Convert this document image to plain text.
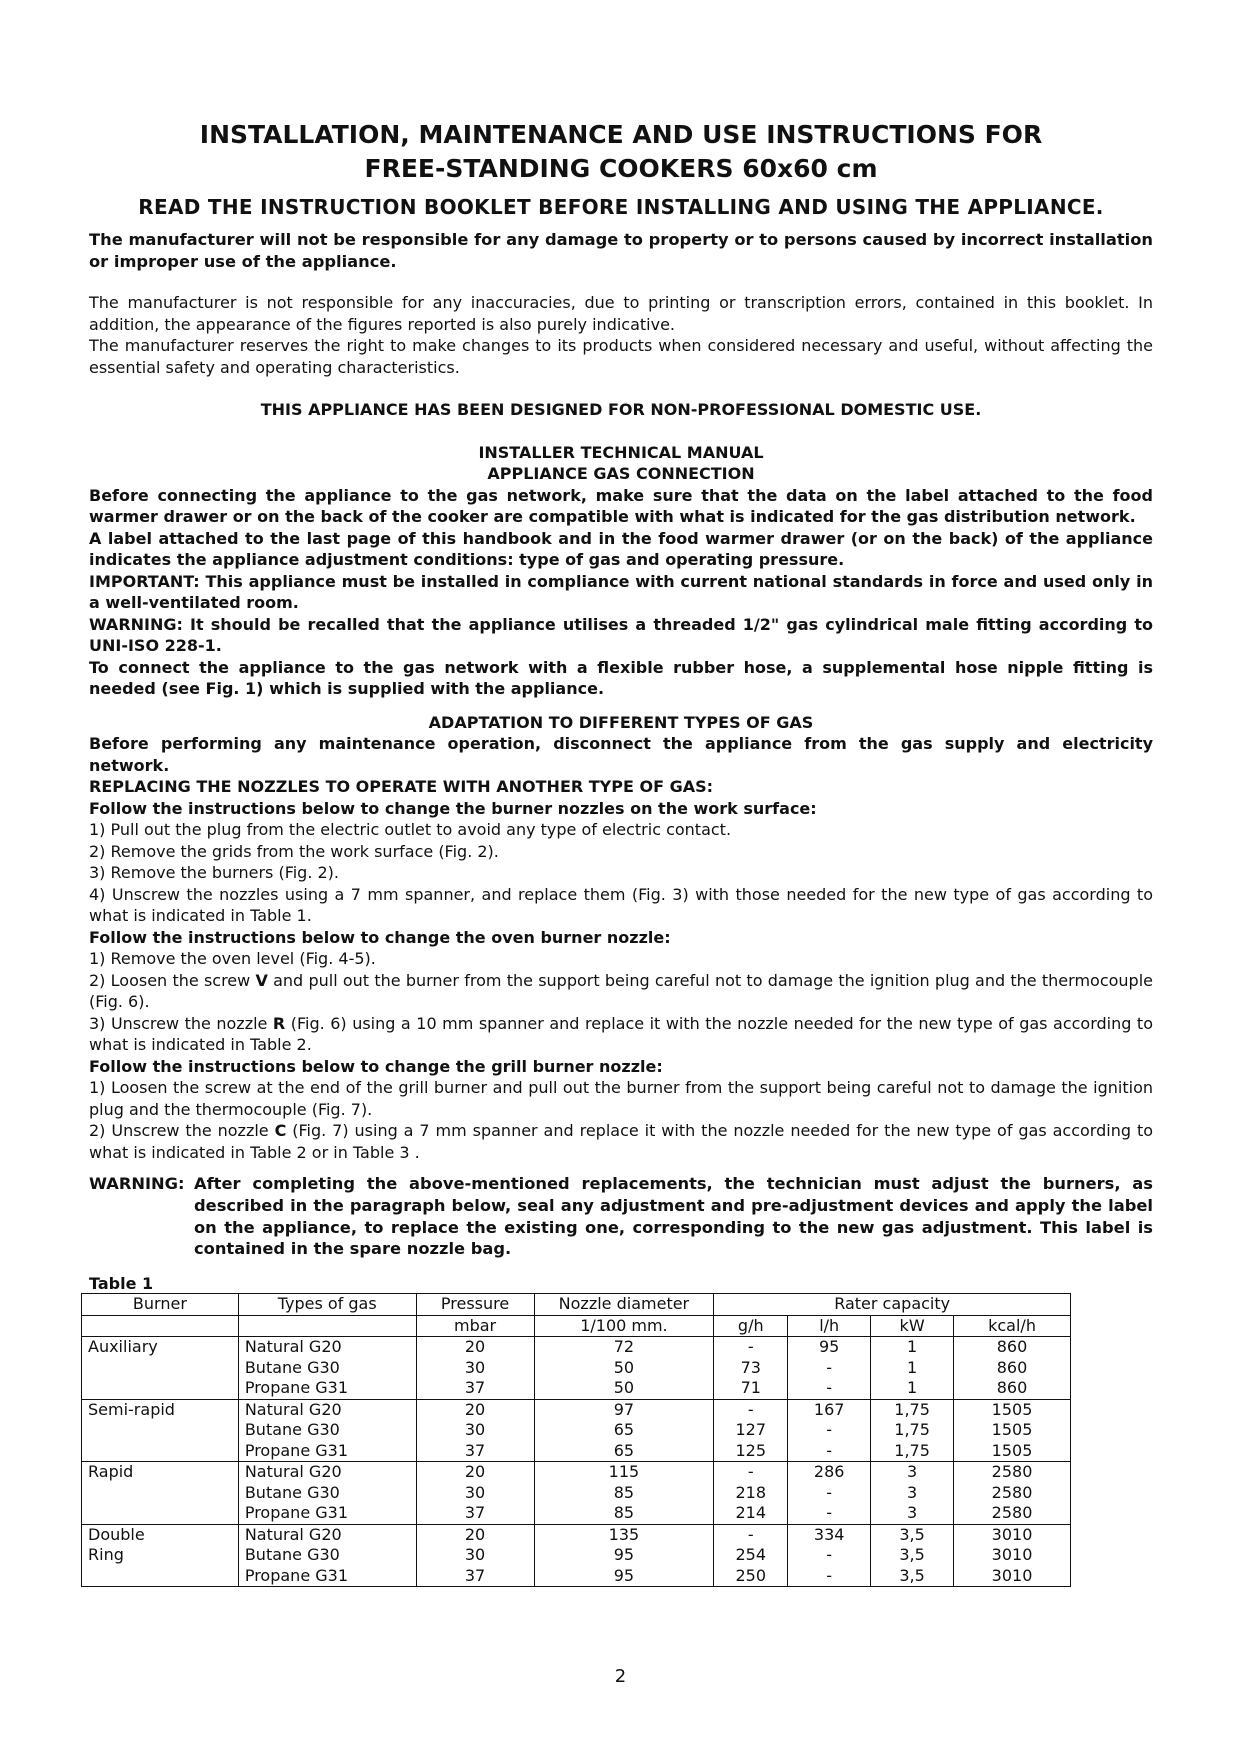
INSTALLATION, MAINTENANCE AND USE INSTRUCTIONS FOR
FREE-STANDING COOKERS 60x60 cm
READ THE INSTRUCTION BOOKLET BEFORE INSTALLING AND USING THE APPLIANCE.

The manufacturer will not be responsible for any damage to property or to persons caused by incorrect installation or improper use of the appliance.

The manufacturer is not responsible for any inaccuracies, due to printing or transcription errors, contained in this booklet. In addition, the appearance of the figures reported is also purely indicative.

The manufacturer reserves the right to make changes to its products when considered necessary and useful, without affecting the essential safety and operating characteristics.

THIS APPLIANCE HAS BEEN DESIGNED FOR NON-PROFESSIONAL DOMESTIC USE.

INSTALLER TECHNICAL MANUAL

APPLIANCE GAS CONNECTION

Before connecting the appliance to the gas network, make sure that the data on the label attached to the food warmer drawer or on the back of the cooker are compatible with what is indicated for the gas distribution network.

A label attached to the last page of this handbook and in the food warmer drawer (or on the back) of the appliance indicates the appliance adjustment conditions: type of gas and operating pressure.

IMPORTANT: This appliance must be installed in compliance with current national standards in force and used only in a well-ventilated room.

WARNING: It should be recalled that the appliance utilises a threaded 1/2" gas cylindrical male fitting according to UNI-ISO 228-1.

To connect the appliance to the gas network with a flexible rubber hose, a supplemental hose nipple fitting is needed (see Fig. 1) which is supplied with the appliance.

ADAPTATION TO DIFFERENT TYPES OF GAS

Before performing any maintenance operation, disconnect the appliance from the gas supply and electricity network.

REPLACING THE NOZZLES TO OPERATE WITH ANOTHER TYPE OF GAS:

Follow the instructions below to change the burner nozzles on the work surface:

1) Pull out the plug from the electric outlet to avoid any type of electric contact.

2) Remove the grids from the work surface (Fig. 2).

3) Remove the burners (Fig. 2).

4) Unscrew the nozzles using a 7 mm spanner, and replace them (Fig. 3) with those needed for the new type of gas according to what is indicated in Table 1.

Follow the instructions below to change the oven burner nozzle:

1) Remove the oven level (Fig. 4-5).

2) Loosen the screw V and pull out the burner from the support being careful not to damage the ignition plug and the thermocouple (Fig. 6).

3) Unscrew the nozzle R (Fig. 6) using a 10 mm spanner and replace it with the nozzle needed for the new type of gas according to what is indicated in Table 2.

Follow the instructions below to change the grill burner nozzle:

1) Loosen the screw at the end of the grill burner and pull out the burner from the support being careful not to damage the ignition plug and the thermocouple (Fig. 7).

2) Unscrew the nozzle C (Fig. 7) using a 7 mm spanner and replace it with the nozzle needed for the new type of gas according to what is indicated in Table 2 or in Table 3 .

WARNING: After completing the above-mentioned replacements, the technician must adjust the burners, as described in the paragraph below, seal any adjustment and pre-adjustment devices and apply the label on the appliance, to replace the existing one, corresponding to the new gas adjustment. This label is contained in the spare nozzle bag.
Table 1
Burner	Types of gas	Pressure	Nozzle diameter	Rater capacity			
		mbar	1/100 mm.	g/h	l/h	kW	kcal/h
Auxiliary	Natural G20	20	72	-	95	1	860
	Butane G30	30	50	73	-	1	860
	Propane G31	37	50	71	-	1	860
Semi-rapid	Natural G20	20	97	-	167	1,75	1505
	Butane G30	30	65	127	-	1,75	1505
	Propane G31	37	65	125	-	1,75	1505
Rapid	Natural G20	20	115	-	286	3	2580
	Butane G30	30	85	218	-	3	2580
	Propane G31	37	85	214	-	3	2580
Double	Natural G20	20	135	-	334	3,5	3010
Ring	Butane G30	30	95	254	-	3,5	3010
	Propane G31	37	95	250	-	3,5	3010
2
